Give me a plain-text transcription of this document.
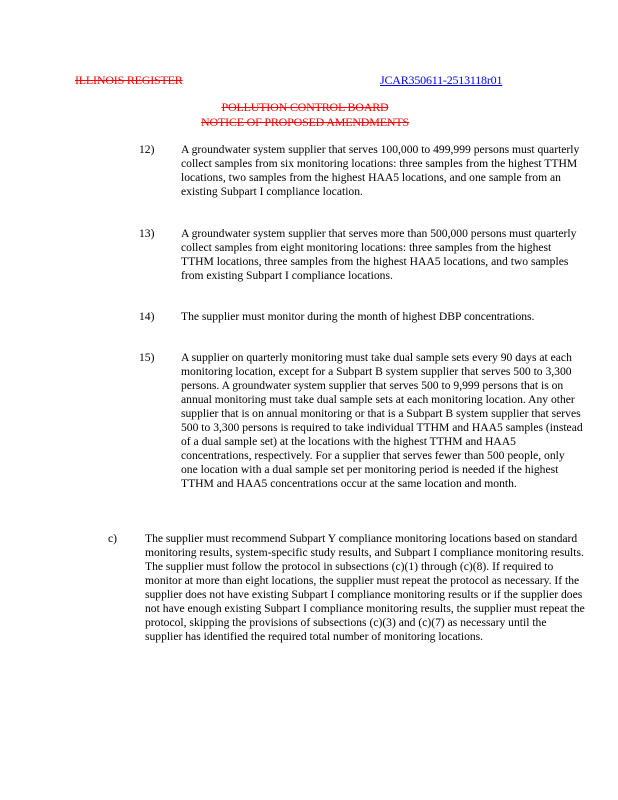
ILLINOIS REGISTER	JCAR350611-2513118r01
POLLUTION CONTROL BOARD
NOTICE OF PROPOSED AMENDMENTS
12) A groundwater system supplier that serves 100,000 to 499,999 persons must quarterly collect samples from six monitoring locations: three samples from the highest TTHM locations, two samples from the highest HAA5 locations, and one sample from an existing Subpart I compliance location.
13) A groundwater system supplier that serves more than 500,000 persons must quarterly collect samples from eight monitoring locations: three samples from the highest TTHM locations, three samples from the highest HAA5 locations, and two samples from existing Subpart I compliance locations.
14) The supplier must monitor during the month of highest DBP concentrations.
15) A supplier on quarterly monitoring must take dual sample sets every 90 days at each monitoring location, except for a Subpart B system supplier that serves 500 to 3,300 persons. A groundwater system supplier that serves 500 to 9,999 persons that is on annual monitoring must take dual sample sets at each monitoring location. Any other supplier that is on annual monitoring or that is a Subpart B system supplier that serves 500 to 3,300 persons is required to take individual TTHM and HAA5 samples (instead of a dual sample set) at the locations with the highest TTHM and HAA5 concentrations, respectively. For a supplier that serves fewer than 500 people, only one location with a dual sample set per monitoring period is needed if the highest TTHM and HAA5 concentrations occur at the same location and month.
c) The supplier must recommend Subpart Y compliance monitoring locations based on standard monitoring results, system-specific study results, and Subpart I compliance monitoring results. The supplier must follow the protocol in subsections (c)(1) through (c)(8). If required to monitor at more than eight locations, the supplier must repeat the protocol as necessary. If the supplier does not have existing Subpart I compliance monitoring results or if the supplier does not have enough existing Subpart I compliance monitoring results, the supplier must repeat the protocol, skipping the provisions of subsections (c)(3) and (c)(7) as necessary until the supplier has identified the required total number of monitoring locations.
